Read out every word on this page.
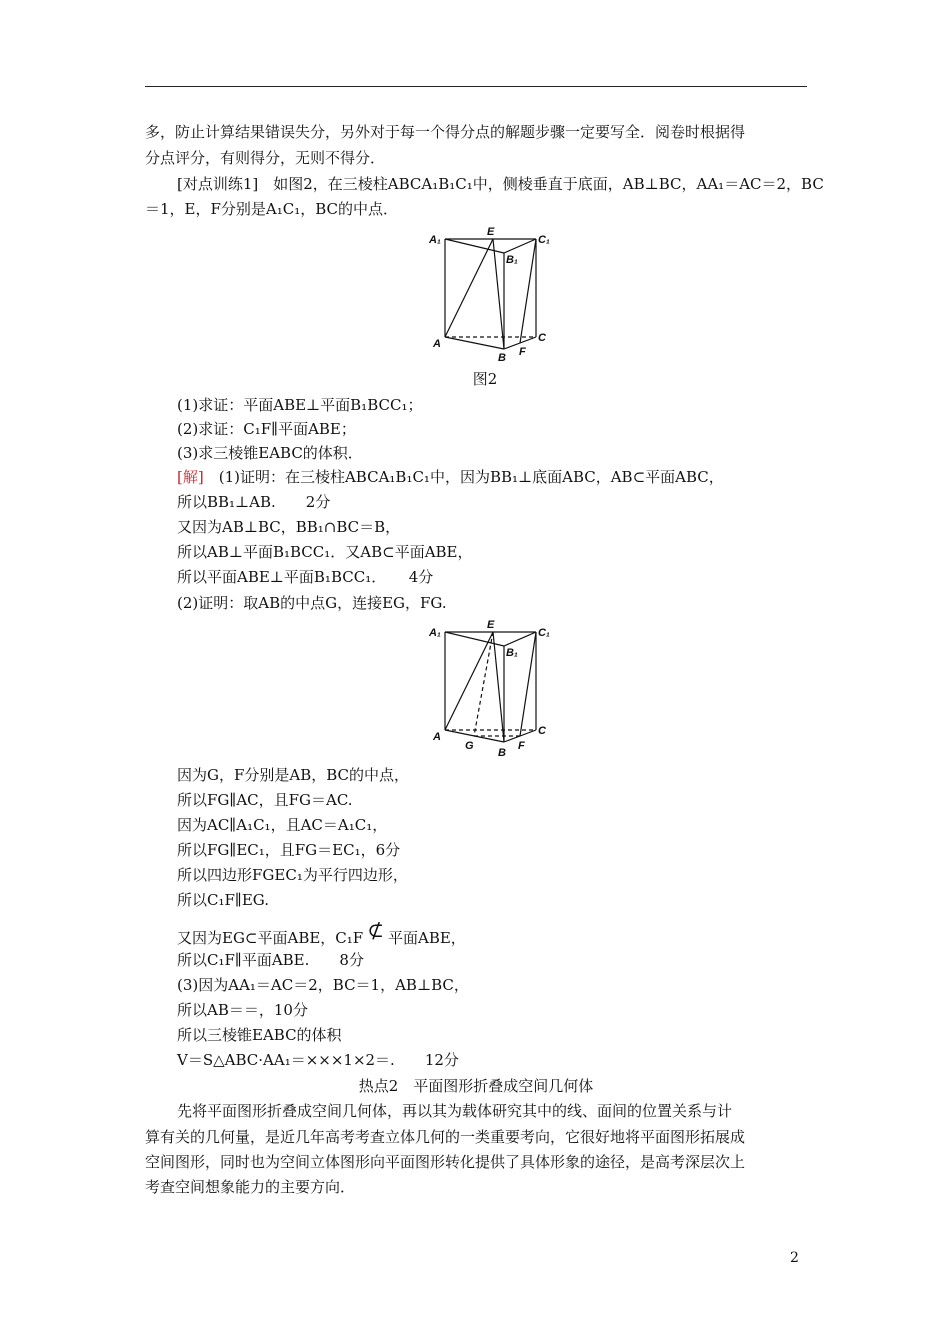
多，防止计算结果错误失分，另外对于每一个得分点的解题步骤一定要写全．阅卷时根据得
分点评分，有则得分，无则不得分．
[对点训练1]　如图2，在三棱柱ABCA₁B₁C₁中，侧棱垂直于底面，AB⊥BC，AA₁＝AC＝2，BC
＝1，E，F分别是A₁C₁，BC的中点．
A₁
E
C₁
B₁
A
B
C
F
图2
(1)求证：平面ABE⊥平面B₁BCC₁；
(2)求证：C₁F∥平面ABE；
(3)求三棱锥EABC的体积．
[解]　(1)证明：在三棱柱ABCA₁B₁C₁中，因为BB₁⊥底面ABC，AB⊂平面ABC，
所以BB₁⊥AB.　　2分
又因为AB⊥BC，BB₁∩BC＝B，
所以AB⊥平面B₁BCC₁．又AB⊂平面ABE，
所以平面ABE⊥平面B₁BCC₁．　　4分
(2)证明：取AB的中点G，连接EG，FG.
A₁
E
C₁
B₁
A
G
B
C
F
因为G，F分别是AB，BC的中点，
所以FG∥AC，且FG＝AC.
因为AC∥A₁C₁，且AC＝A₁C₁，
所以FG∥EC₁，且FG＝EC₁，6分
所以四边形FGEC₁为平行四边形，
所以C₁F∥EG.
又因为EG⊂平面ABE，C₁F ⊄ 平面ABE，
所以C₁F∥平面ABE.　　8分
(3)因为AA₁＝AC＝2，BC＝1，AB⊥BC，
所以AB＝＝，10分
所以三棱锥EABC的体积
V＝S△ABC·AA₁＝×××1×2＝.　　12分
热点2　平面图形折叠成空间几何体
先将平面图形折叠成空间几何体，再以其为载体研究其中的线、面间的位置关系与计
算有关的几何量，是近几年高考考查立体几何的一类重要考向，它很好地将平面图形拓展成
空间图形，同时也为空间立体图形向平面图形转化提供了具体形象的途径，是高考深层次上
考查空间想象能力的主要方向．
2
